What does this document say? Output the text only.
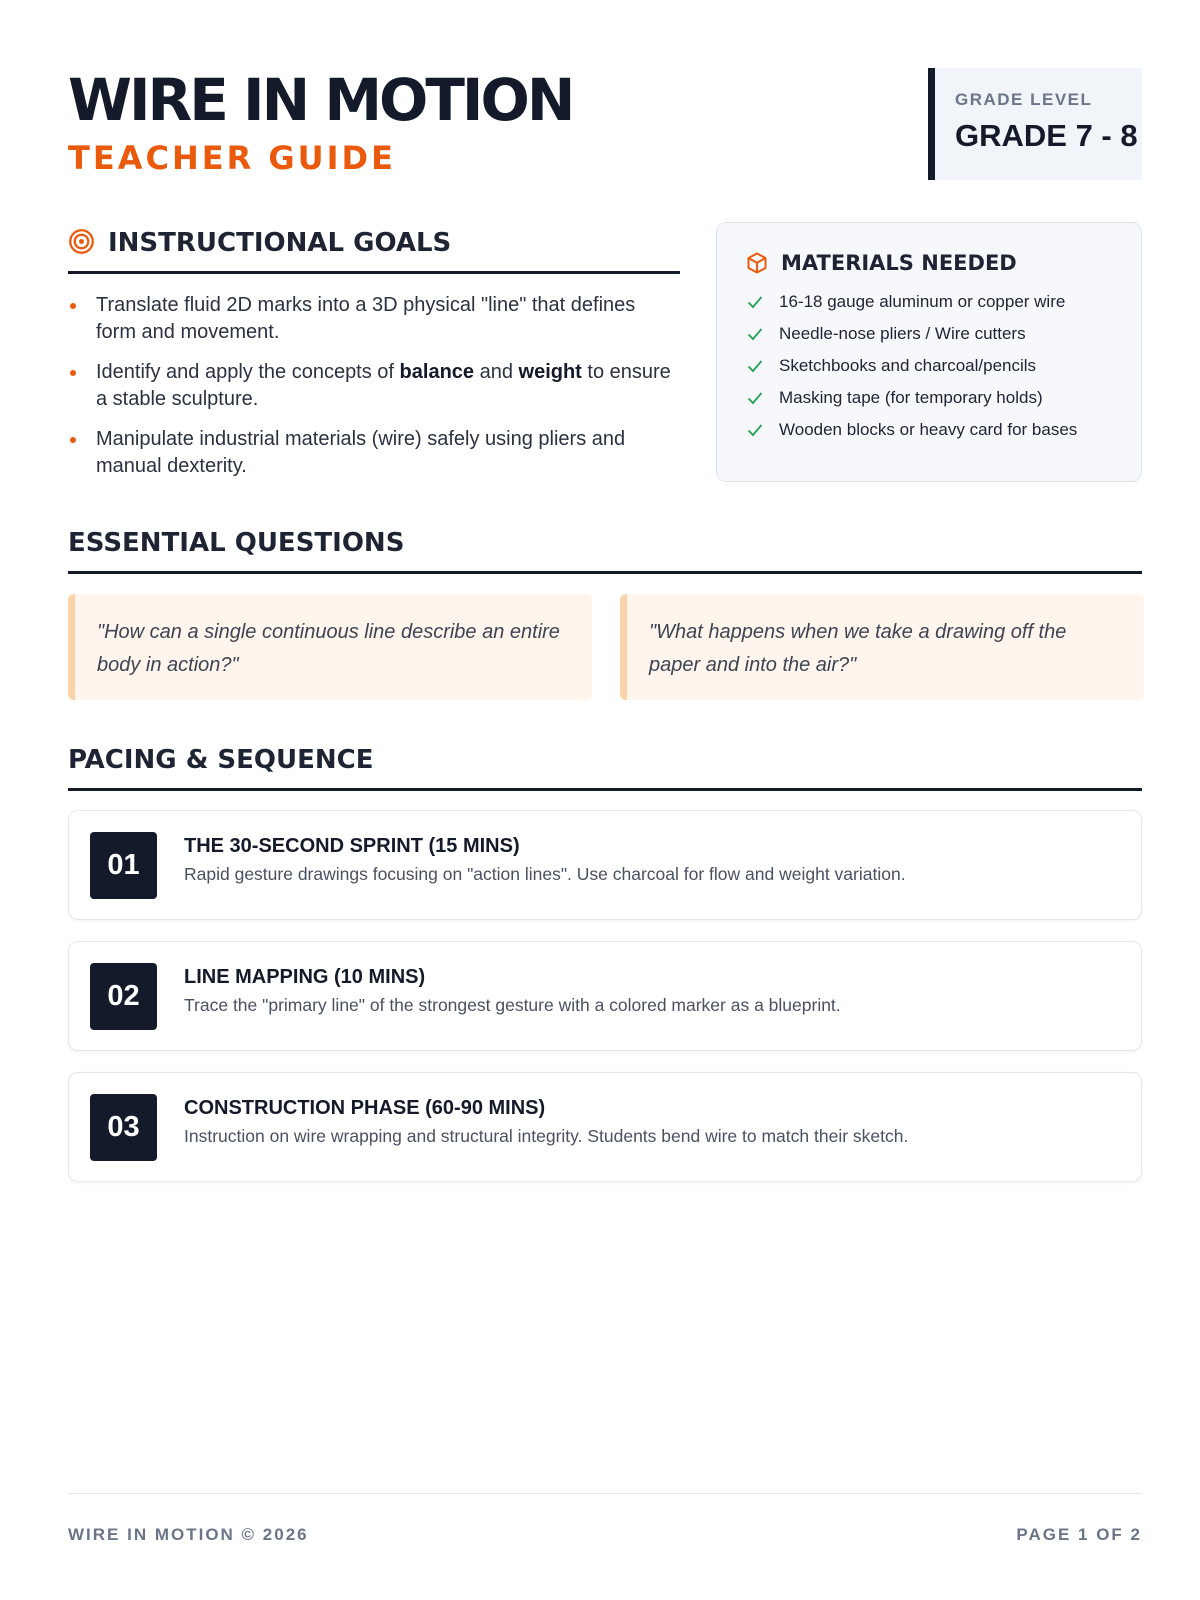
WIRE IN MOTION
TEACHER GUIDE
GRADE LEVEL
GRADE 7 - 8
INSTRUCTIONAL GOALS
Translate fluid 2D marks into a 3D physical "line" that defines form and movement.
Identify and apply the concepts of balance and weight to ensure a stable sculpture.
Manipulate industrial materials (wire) safely using pliers and manual dexterity.
MATERIALS NEEDED
16-18 gauge aluminum or copper wire
Needle-nose pliers / Wire cutters
Sketchbooks and charcoal/pencils
Masking tape (for temporary holds)
Wooden blocks or heavy card for bases
ESSENTIAL QUESTIONS
"How can a single continuous line describe an entire body in action?"
"What happens when we take a drawing off the paper and into the air?"
PACING & SEQUENCE
01
THE 30-SECOND SPRINT (15 MINS)
Rapid gesture drawings focusing on "action lines". Use charcoal for flow and weight variation.
02
LINE MAPPING (10 MINS)
Trace the "primary line" of the strongest gesture with a colored marker as a blueprint.
03
CONSTRUCTION PHASE (60-90 MINS)
Instruction on wire wrapping and structural integrity. Students bend wire to match their sketch.
WIRE IN MOTION © 2026	PAGE 1 OF 2
